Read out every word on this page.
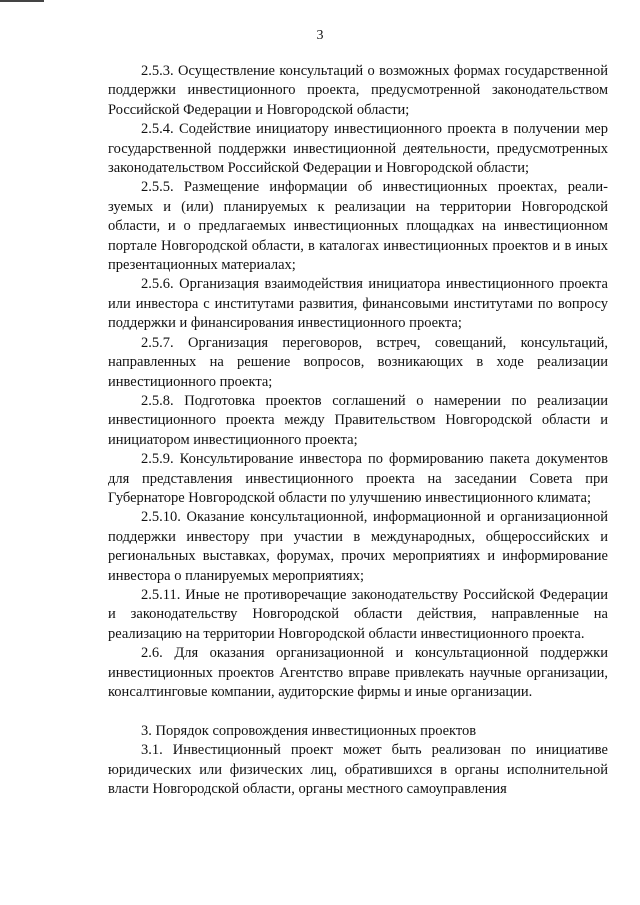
3

2.5.3. Осуществление консультаций о возможных формах государственной поддержки инвестиционного проекта, предусмотренной законодательством Российской Федерации и Новгородской области;

2.5.4. Содействие инициатору инвестиционного проекта в получении мер государственной поддержки инвестиционной деятельности, предусмотренных законодательством Российской Федерации и Новгородской области;

2.5.5. Размещение информации об инвестиционных проектах, реализуемых и (или) планируемых к реализации на территории Новгородской области, и о предлагаемых инвестиционных площадках на инвестиционном портале Новгородской области, в каталогах инвестиционных проектов и в иных презентационных материалах;

2.5.6. Организация взаимодействия инициатора инвестиционного проекта или инвестора с институтами развития, финансовыми институтами по вопросу поддержки и финансирования инвестиционного проекта;

2.5.7. Организация переговоров, встреч, совещаний, консультаций, направленных на решение вопросов, возникающих в ходе реализации инвестиционного проекта;

2.5.8. Подготовка проектов соглашений о намерении по реализации инвестиционного проекта между Правительством Новгородской области и инициатором инвестиционного проекта;

2.5.9. Консультирование инвестора по формированию пакета документов для представления инвестиционного проекта на заседании Совета при Губернаторе Новгородской области по улучшению инвестиционного климата;

2.5.10. Оказание консультационной, информационной и организационной поддержки инвестору при участии в международных, общероссийских и региональных выставках, форумах, прочих мероприятиях и информирование инвестора о планируемых мероприятиях;

2.5.11. Иные не противоречащие законодательству Российской Федерации и законодательству Новгородской области действия, направленные на реализацию на территории Новгородской области инвестиционного проекта.

2.6. Для оказания организационной и консультационной поддержки инвестиционных проектов Агентство вправе привлекать научные организации, консалтинговые компании, аудиторские фирмы и иные организации.

3. Порядок сопровождения инвестиционных проектов

3.1. Инвестиционный проект может быть реализован по инициативе юридических или физических лиц, обратившихся в органы исполнительной власти Новгородской области, органы местного самоуправления
